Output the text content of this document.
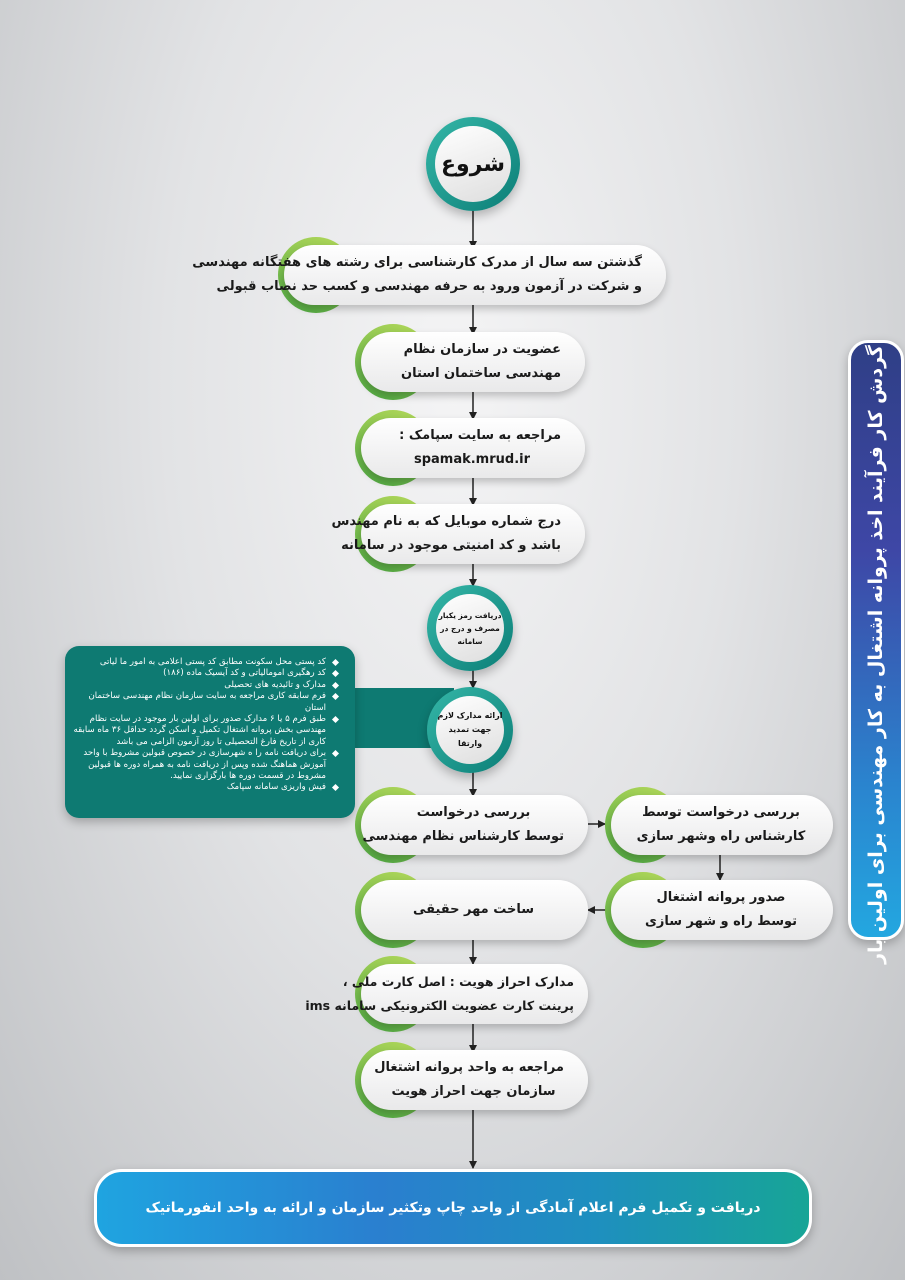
شروع
گذشتن سه سال از مدرک کارشناسی برای رشته های هفتگانه مهندسی
و شرکت در آزمون ورود به حرفه مهندسی و کسب حد نصاب قبولی
عضویت در سازمان نظام
مهندسی ساختمان استان
مراجعه به سایت سپامک :
spamak.mrud.ir
درج شماره موبایل که به نام مهندس
باشد و کد امنیتی موجود در سامانه
دریافت رمز یکبار
مصرف و درج در سامانه
کد پستی محل سکونت مطابق کد پستی اعلامی به امور ما لیاتی
کد رهگیری امومالیاتی و کد آیسیک ماده (۱۸۶)
مدارک و تائیدیه های تحصیلی
فرم سابقه کاری مراجعه به سایت سازمان نظام مهندسی ساختمان استان
طبق فرم ۵ یا ۶ مدارک صدور برای اولین بار موجود در سایت نظام مهندسی بخش پروانه اشتغال تکمیل و اسکن گردد حداقل ۳۶ ماه سابقه کاری از تاریخ فارغ التحصیلی تا روز آزمون الزامی می باشد
برای دریافت نامه را ه شهرسازی در خصوص قبولین مشروط با واحد آموزش هماهنگ شده وپس از دریافت نامه به همراه دوره ها قبولین مشروط در قسمت دوره ها بارگزاری نمایید.
فیش واریزی سامانه سپامک
ارائه مدارک لازم
جهت تمدید وارتقا
بررسی درخواست
توسط کارشناس نظام مهندسی
بررسی درخواست توسط
کارشناس راه وشهر سازی
صدور پروانه اشتغال
توسط راه و شهر سازی
ساخت مهر حقیقی
مدارک احراز هویت : اصل کارت ملی ،
پرینت کارت عضویت الکترونیکی سامانه ims
مراجعه به واحد پروانه اشتغال
سازمان جهت احراز هویت
دریافت و تکمیل فرم اعلام آمادگی از واحد چاپ وتکثیر سازمان و ارائه به واحد انفورماتیک
گردش کار فرآیند اخذ پروانه اشتغال به کار مهندسی برای اولین بار
